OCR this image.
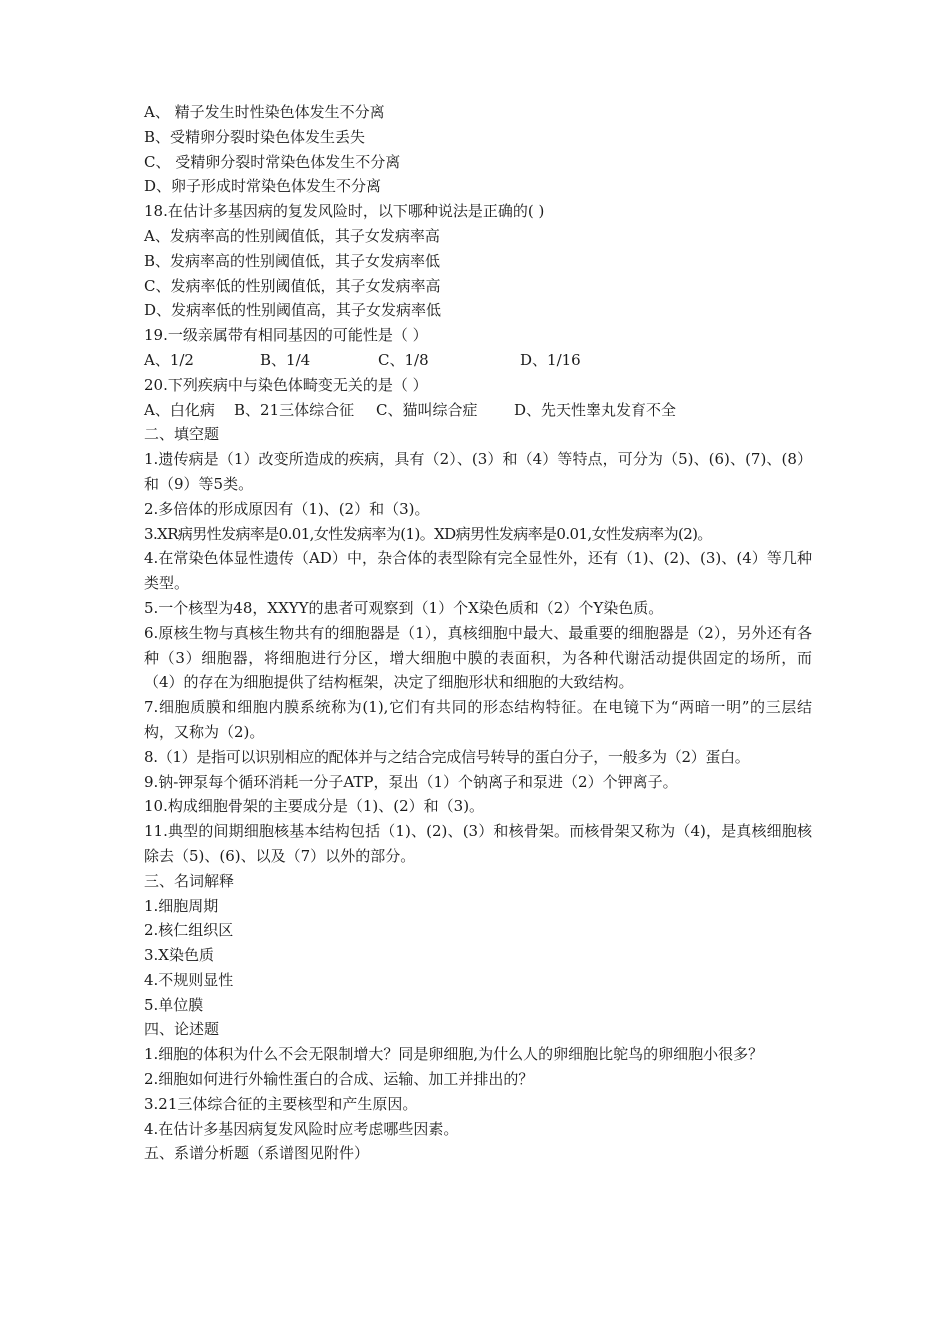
A、 精子发生时性染色体发生不分离
B、受精卵分裂时染色体发生丢失
C、 受精卵分裂时常染色体发生不分离
D、卵子形成时常染色体发生不分离
18.在估计多基因病的复发风险时，以下哪种说法是正确的( )
A、发病率高的性别阈值低，其子女发病率高
B、发病率高的性别阈值低，其子女发病率低
C、发病率低的性别阈值低，其子女发病率高
D、发病率低的性别阈值高，其子女发病率低
19.一级亲属带有相同基因的可能性是（ ）
A、1/2	B、1/4	C、1/8	D、1/16
20.下列疾病中与染色体畸变无关的是（ ）
A、白化病 B、21三体综合征 C、猫叫综合症 D、先天性睾丸发育不全
二、填空题
1.遗传病是（1）改变所造成的疾病，具有（2）、(3）和（4）等特点，可分为（5)、(6)、(7)、(8）和（9）等5类。
2.多倍体的形成原因有（1)、(2）和（3)。
3.XR病男性发病率是0.01,女性发病率为(1)。XD病男性发病率是0.01,女性发病率为(2)。
4.在常染色体显性遗传（AD）中，杂合体的表型除有完全显性外，还有（1)、(2)、(3)、(4）等几种类型。
5.一个核型为48，XXYY的患者可观察到（1）个X染色质和（2）个Y染色质。
6.原核生物与真核生物共有的细胞器是（1），真核细胞中最大、最重要的细胞器是（2），另外还有各种（3）细胞器，将细胞进行分区，增大细胞中膜的表面积，为各种代谢活动提供固定的场所，而（4）的存在为细胞提供了结构框架，决定了细胞形状和细胞的大致结构。
7.细胞质膜和细胞内膜系统称为(1),它们有共同的形态结构特征。在电镜下为“两暗一明”的三层结构，又称为（2)。
8.（1）是指可以识别相应的配体并与之结合完成信号转导的蛋白分子，一般多为（2）蛋白。
9.钠-钾泵每个循环消耗一分子ATP，泵出（1）个钠离子和泵进（2）个钾离子。
10.构成细胞骨架的主要成分是（1)、(2）和（3)。
11.典型的间期细胞核基本结构包括（1)、(2)、(3）和核骨架。而核骨架又称为（4)，是真核细胞核除去（5)、(6)、以及（7）以外的部分。
三、名词解释
1.细胞周期
2.核仁组织区
3.X染色质
4.不规则显性
5.单位膜
四、论述题
1.细胞的体积为什么不会无限制增大？同是卵细胞,为什么人的卵细胞比鸵鸟的卵细胞小很多？
2.细胞如何进行外输性蛋白的合成、运输、加工并排出的？
3.21三体综合征的主要核型和产生原因。
4.在估计多基因病复发风险时应考虑哪些因素。
五、系谱分析题（系谱图见附件）
